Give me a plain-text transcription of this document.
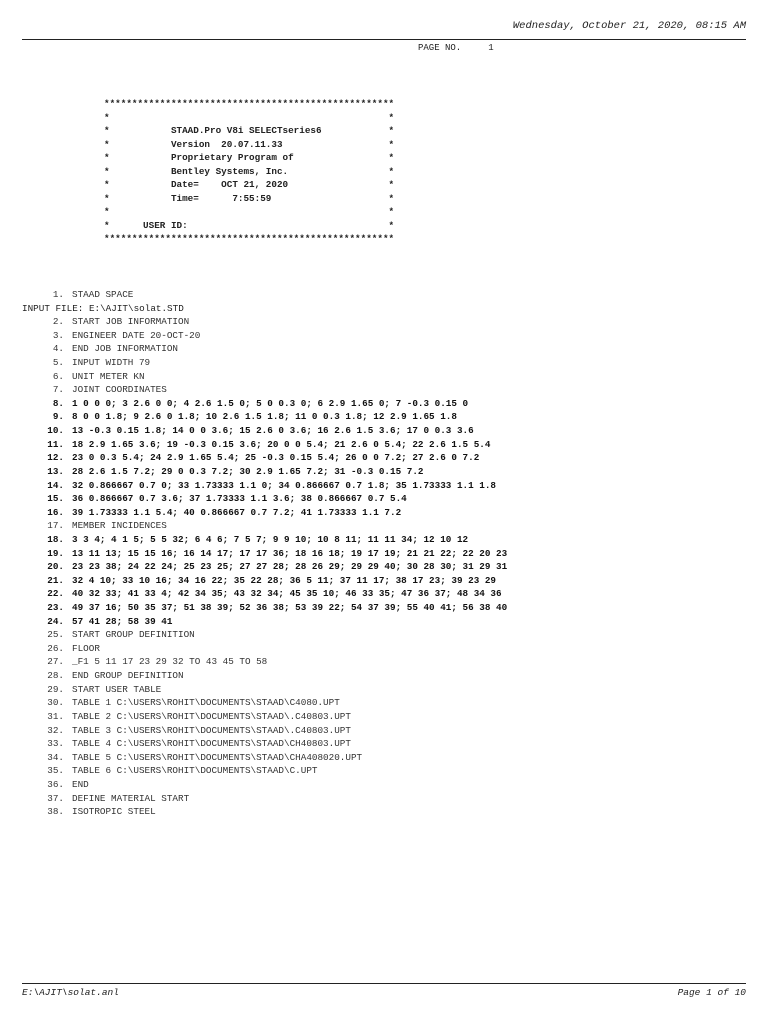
Wednesday, October 21, 2020, 08:15 AM
PAGE NO.     1
****************************************************
*                                                  *
*           STAAD.Pro V8i SELECTseries6            *
*           Version  20.07.11.33                   *
*           Proprietary Program of                 *
*           Bentley Systems, Inc.                  *
*           Date=    OCT 21, 2020                  *
*           Time=      7:55:59                     *
*                                                  *
*      USER ID:                                    *
****************************************************
1. STAAD SPACE
INPUT FILE: E:\AJIT\solat.STD
2. START JOB INFORMATION
3. ENGINEER DATE 20-OCT-20
4. END JOB INFORMATION
5. INPUT WIDTH 79
6. UNIT METER KN
7. JOINT COORDINATES
8. 1 0 0 0; 3 2.6 0 0; 4 2.6 1.5 0; 5 0 0.3 0; 6 2.9 1.65 0; 7 -0.3 0.15 0
9. 8 0 0 1.8; 9 2.6 0 1.8; 10 2.6 1.5 1.8; 11 0 0.3 1.8; 12 2.9 1.65 1.8
10. 13 -0.3 0.15 1.8; 14 0 0 3.6; 15 2.6 0 3.6; 16 2.6 1.5 3.6; 17 0 0.3 3.6
11. 18 2.9 1.65 3.6; 19 -0.3 0.15 3.6; 20 0 0 5.4; 21 2.6 0 5.4; 22 2.6 1.5 5.4
12. 23 0 0.3 5.4; 24 2.9 1.65 5.4; 25 -0.3 0.15 5.4; 26 0 0 7.2; 27 2.6 0 7.2
13. 28 2.6 1.5 7.2; 29 0 0.3 7.2; 30 2.9 1.65 7.2; 31 -0.3 0.15 7.2
14. 32 0.866667 0.7 0; 33 1.73333 1.1 0; 34 0.866667 0.7 1.8; 35 1.73333 1.1 1.8
15. 36 0.866667 0.7 3.6; 37 1.73333 1.1 3.6; 38 0.866667 0.7 5.4
16. 39 1.73333 1.1 5.4; 40 0.866667 0.7 7.2; 41 1.73333 1.1 7.2
17. MEMBER INCIDENCES
18. 3 3 4; 4 1 5; 5 5 32; 6 4 6; 7 5 7; 9 9 10; 10 8 11; 11 11 34; 12 10 12
19. 13 11 13; 15 15 16; 16 14 17; 17 17 36; 18 16 18; 19 17 19; 21 21 22; 22 20 23
20. 23 23 38; 24 22 24; 25 23 25; 27 27 28; 28 26 29; 29 29 40; 30 28 30; 31 29 31
21. 32 4 10; 33 10 16; 34 16 22; 35 22 28; 36 5 11; 37 11 17; 38 17 23; 39 23 29
22. 40 32 33; 41 33 4; 42 34 35; 43 32 34; 45 35 10; 46 33 35; 47 36 37; 48 34 36
23. 49 37 16; 50 35 37; 51 38 39; 52 36 38; 53 39 22; 54 37 39; 55 40 41; 56 38 40
24. 57 41 28; 58 39 41
25. START GROUP DEFINITION
26. FLOOR
27. _F1 5 11 17 23 29 32 TO 43 45 TO 58
28. END GROUP DEFINITION
29. START USER TABLE
30. TABLE 1 C:\USERS\ROHIT\DOCUMENTS\STAAD\C4080.UPT
31. TABLE 2 C:\USERS\ROHIT\DOCUMENTS\STAAD\.C40803.UPT
32. TABLE 3 C:\USERS\ROHIT\DOCUMENTS\STAAD\.C40803.UPT
33. TABLE 4 C:\USERS\ROHIT\DOCUMENTS\STAAD\CH40803.UPT
34. TABLE 5 C:\USERS\ROHIT\DOCUMENTS\STAAD\CHA408020.UPT
35. TABLE 6 C:\USERS\ROHIT\DOCUMENTS\STAAD\C.UPT
36. END
37. DEFINE MATERIAL START
38. ISOTROPIC STEEL
E:\AJIT\solat.anl	Page 1 of 10
